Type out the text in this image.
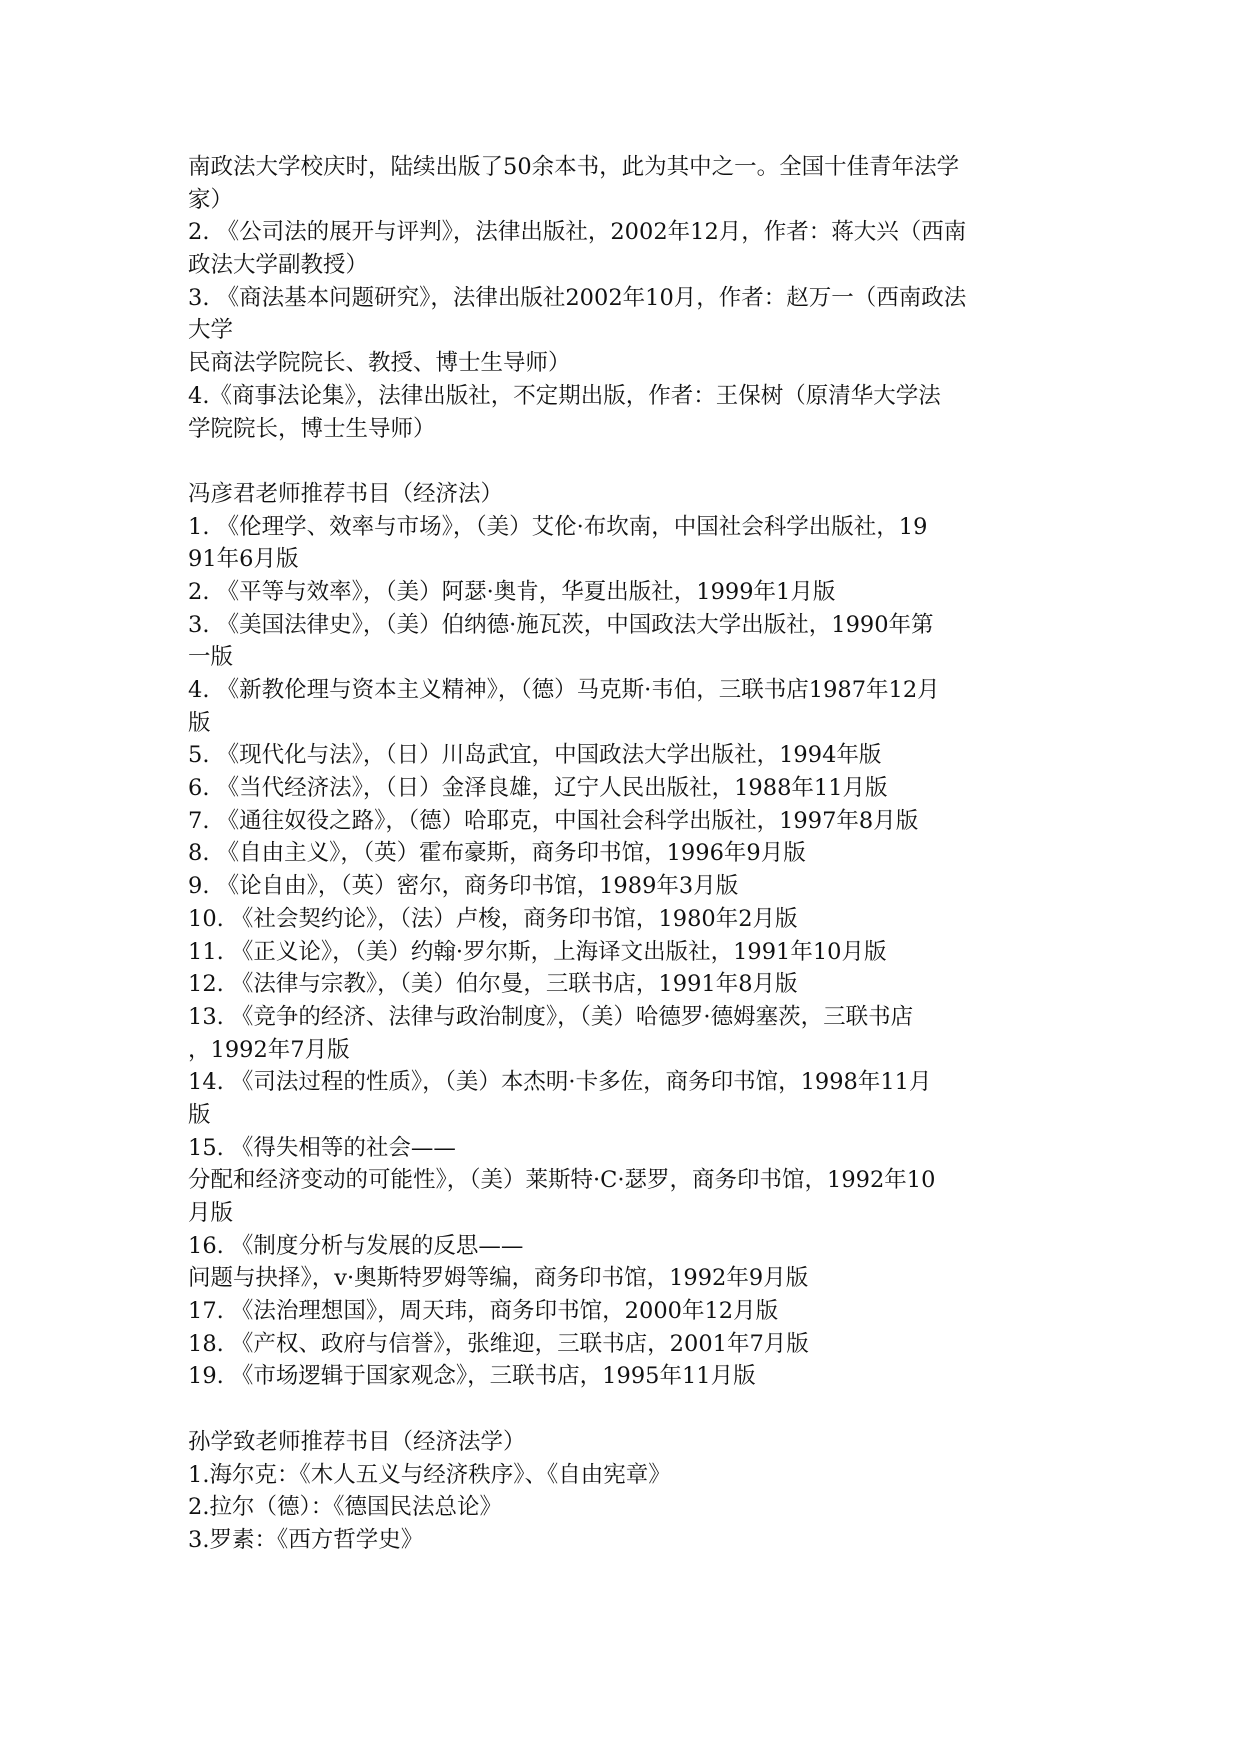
南政法大学校庆时，陆续出版了50余本书，此为其中之一。全国十佳青年法学
家）
2. 《公司法的展开与评判》，法律出版社，2002年12月，作者：蒋大兴（西南
政法大学副教授）
3. 《商法基本问题研究》，法律出版社2002年10月，作者：赵万一（西南政法
大学
民商法学院院长、教授、博士生导师）
4.《商事法论集》，法律出版社，不定期出版，作者：王保树（原清华大学法
学院院长，博士生导师）
冯彦君老师推荐书目（经济法）
1. 《伦理学、效率与市场》，（美）艾伦·布坎南，中国社会科学出版社，19
91年6月版
2. 《平等与效率》，（美）阿瑟·奥肯，华夏出版社，1999年1月版
3. 《美国法律史》，（美）伯纳德·施瓦茨，中国政法大学出版社，1990年第
一版
4. 《新教伦理与资本主义精神》，（德）马克斯·韦伯，三联书店1987年12月
版
5. 《现代化与法》，（日）川岛武宜，中国政法大学出版社，1994年版
6. 《当代经济法》，（日）金泽良雄，辽宁人民出版社，1988年11月版
7. 《通往奴役之路》，（德）哈耶克，中国社会科学出版社，1997年8月版
8. 《自由主义》，（英）霍布豪斯，商务印书馆，1996年9月版
9. 《论自由》，（英）密尔，商务印书馆，1989年3月版
10. 《社会契约论》，（法）卢梭，商务印书馆，1980年2月版
11. 《正义论》，（美）约翰·罗尔斯，上海译文出版社，1991年10月版
12. 《法律与宗教》，（美）伯尔曼，三联书店，1991年8月版
13. 《竞争的经济、法律与政治制度》，（美）哈德罗·德姆塞茨，三联书店
，1992年7月版
14. 《司法过程的性质》，（美）本杰明·卡多佐，商务印书馆，1998年11月
版
15. 《得失相等的社会——
分配和经济变动的可能性》，（美）莱斯特·C·瑟罗，商务印书馆，1992年10
月版
16. 《制度分析与发展的反思——
问题与抉择》，v·奥斯特罗姆等编，商务印书馆，1992年9月版
17. 《法治理想国》，周天玮，商务印书馆，2000年12月版
18. 《产权、政府与信誉》，张维迎，三联书店，2001年7月版
19. 《市场逻辑于国家观念》，三联书店，1995年11月版
孙学致老师推荐书目（经济法学）
1.海尔克：《木人五义与经济秩序》、《自由宪章》
2.拉尔（德）：《德国民法总论》
3.罗素：《西方哲学史》
